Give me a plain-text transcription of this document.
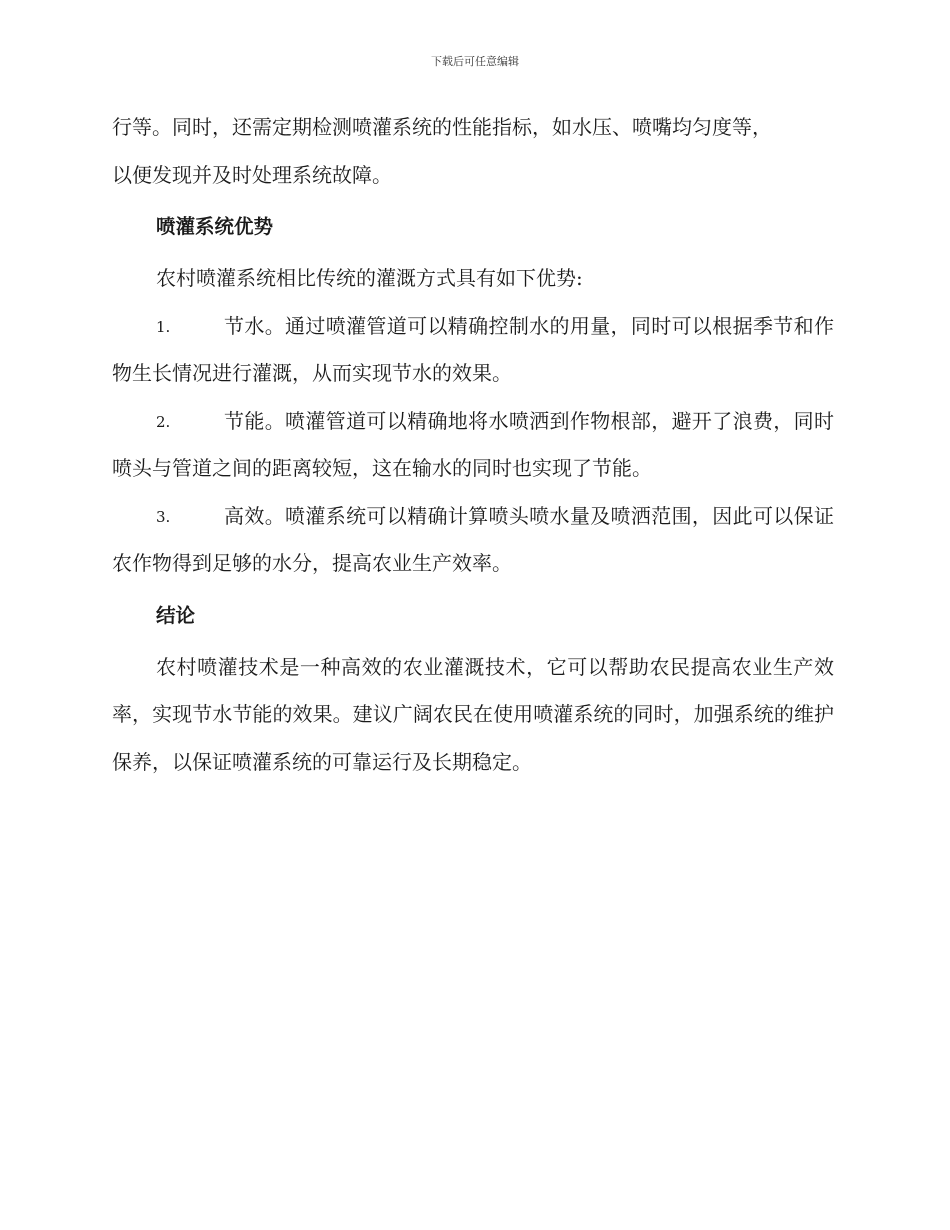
下载后可任意编辑

行等。同时，还需定期检测喷灌系统的性能指标，如水压、喷嘴均匀度等，
以便发现并及时处理系统故障。

喷灌系统优势

农村喷灌系统相比传统的灌溉方式具有如下优势:

1.	节水。通过喷灌管道可以精确控制水的用量，同时可以根据季节和作物生长情况进行灌溉，从而实现节水的效果。

2.	节能。喷灌管道可以精确地将水喷洒到作物根部，避开了浪费，同时喷头与管道之间的距离较短，这在输水的同时也实现了节能。

3.	高效。喷灌系统可以精确计算喷头喷水量及喷洒范围，因此可以保证农作物得到足够的水分，提高农业生产效率。

结论

农村喷灌技术是一种高效的农业灌溉技术，它可以帮助农民提高农业生产效率，实现节水节能的效果。建议广阔农民在使用喷灌系统的同时，加强系统的维护保养，以保证喷灌系统的可靠运行及长期稳定。
